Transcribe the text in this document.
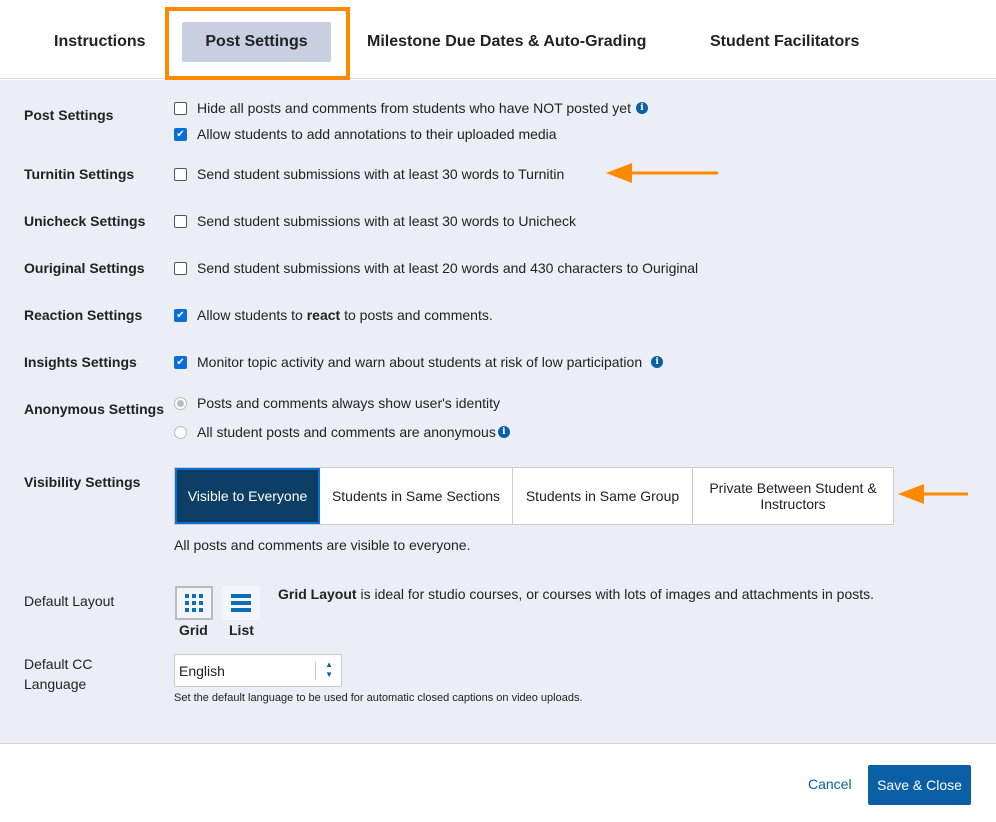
Instructions	Post Settings	Milestone Due Dates & Auto-Grading	Student Facilitators
Post Settings	Hide all posts and comments from students who have NOT posted yet	i
✔ Allow students to add annotations to their uploaded media
Turnitin Settings	Send student submissions with at least 30 words to Turnitin
Unicheck Settings	Send student submissions with at least 30 words to Unicheck
Ouriginal Settings	Send student submissions with at least 20 words and 430 characters to Ouriginal
Reaction Settings	✔ Allow students to react to posts and comments.
Insights Settings	✔ Monitor topic activity and warn about students at risk of low participation	i
Anonymous Settings Posts and comments always show user's identity
All student posts and comments are anonymous i
Visibility Settings
Visible to Everyone	Students in Same Sections	Students in Same Group	Private Between Student & Instructors
All posts and comments are visible to everyone.
Default Layout
Grid List
Grid Layout is ideal for studio courses, or courses with lots of images and attachments in posts.
Default CC Language
English	▲
▼
Set the default language to be used for automatic closed captions on video uploads.
Cancel	Save & Close
